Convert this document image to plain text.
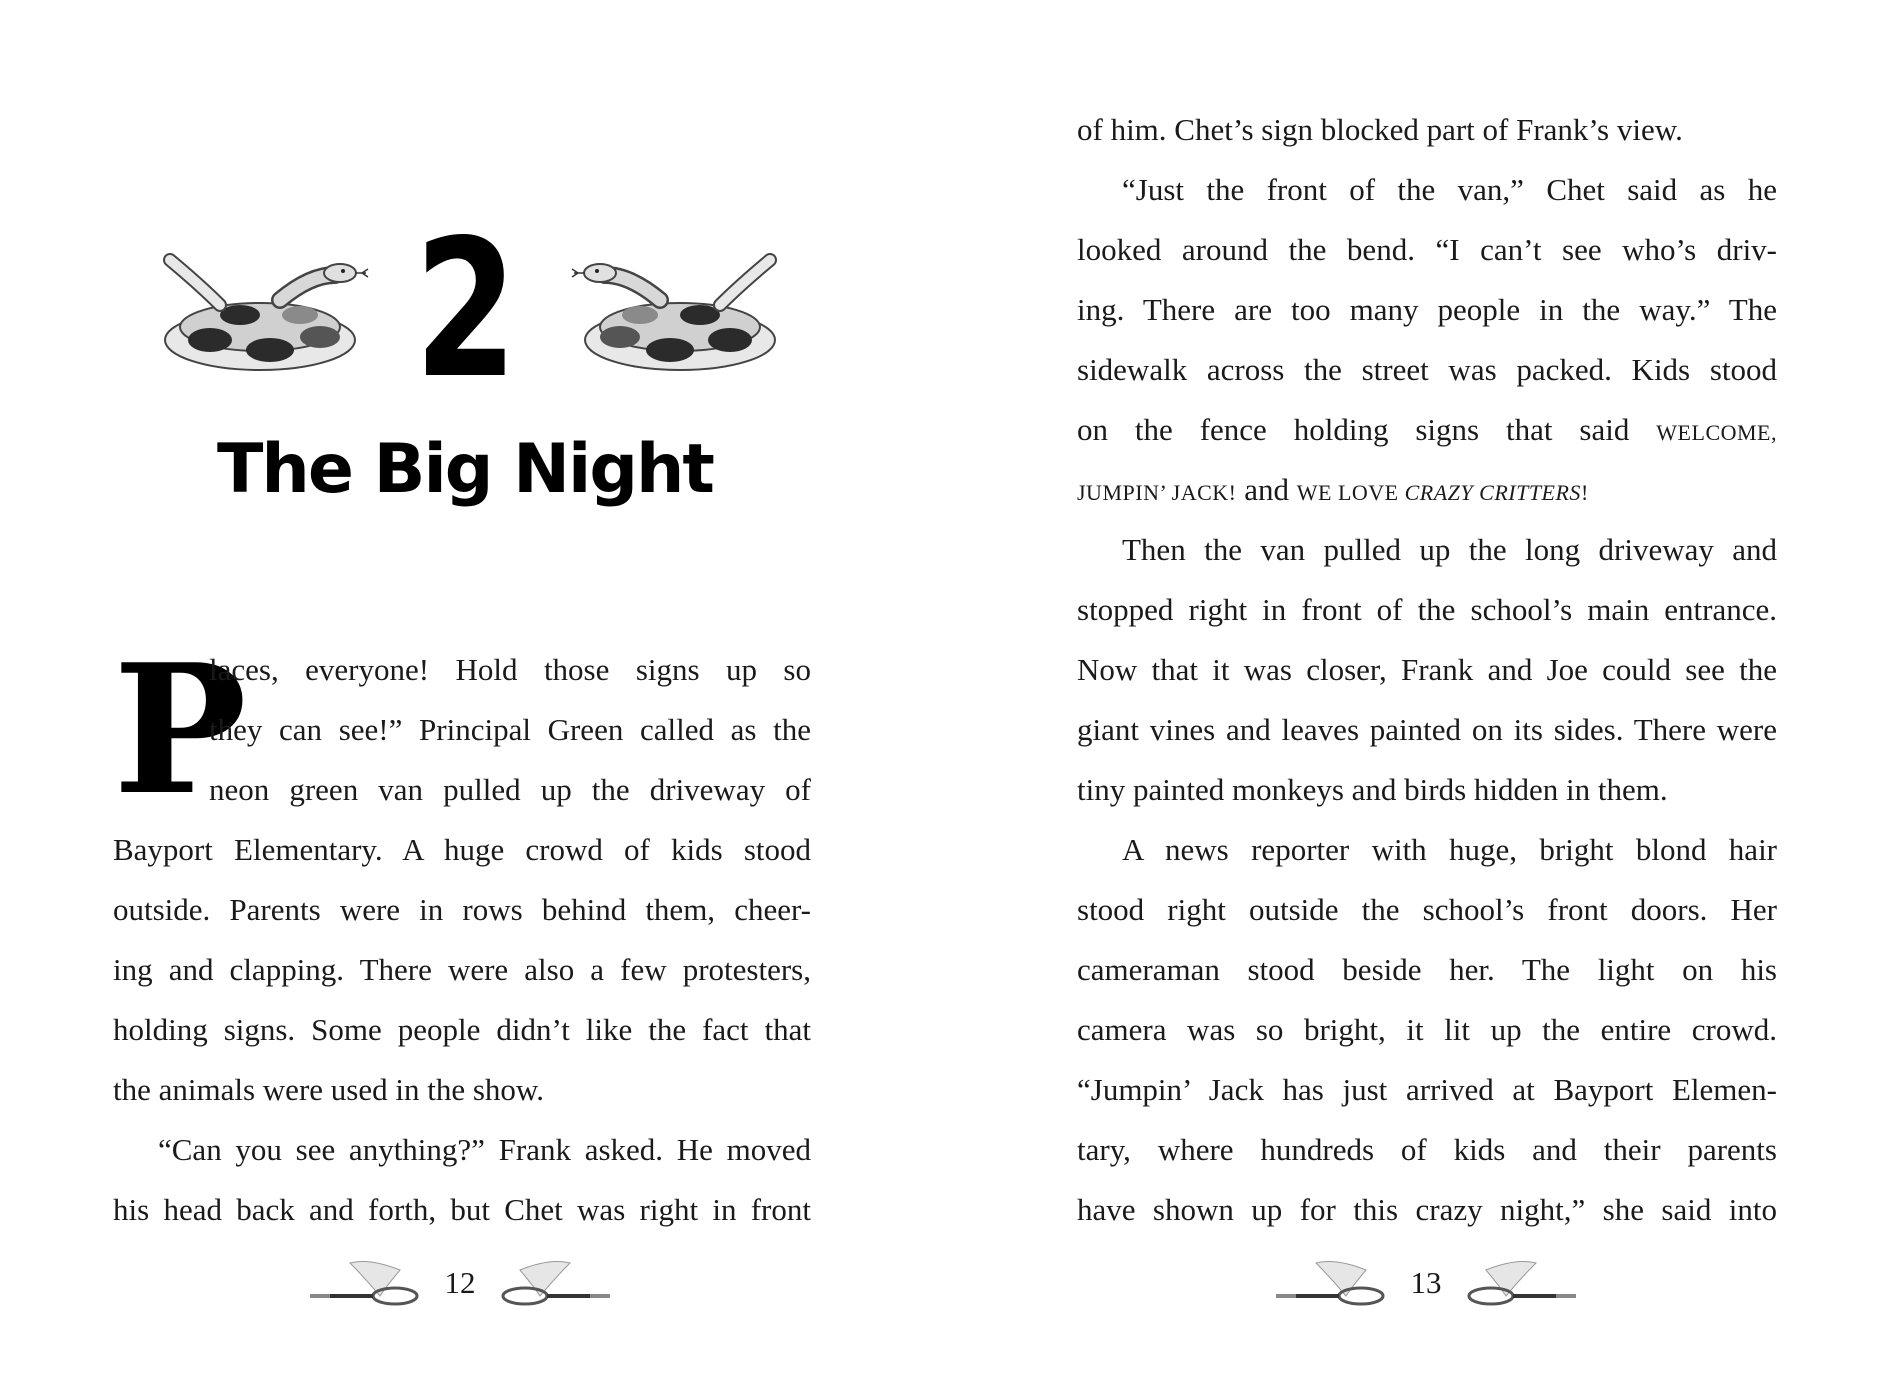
2
The Big Night
P
laces, everyone! Hold those signs up so
they can see!” Principal Green called as the
neon green van pulled up the driveway of
Bayport Elementary. A huge crowd of kids stood
outside. Parents were in rows behind them, cheer-
ing and clapping. There were also a few protesters,
holding signs. Some people didn’t like the fact that
the animals were used in the show.
“Can you see anything?” Frank asked. He moved
his head back and forth, but Chet was right in front
12
of him. Chet’s sign blocked part of Frank’s view.
“Just the front of the van,” Chet said as he
looked around the bend. “I can’t see who’s driv-
ing. There are too many people in the way.” The
sidewalk across the street was packed. Kids stood
on the fence holding signs that said WELCOME,
JUMPIN’ JACK! and WE LOVE CRAZY CRITTERS!
Then the van pulled up the long driveway and
stopped right in front of the school’s main entrance.
Now that it was closer, Frank and Joe could see the
giant vines and leaves painted on its sides. There were
tiny painted monkeys and birds hidden in them.
A news reporter with huge, bright blond hair
stood right outside the school’s front doors. Her
cameraman stood beside her. The light on his
camera was so bright, it lit up the entire crowd.
“Jumpin’ Jack has just arrived at Bayport Elemen-
tary, where hundreds of kids and their parents
have shown up for this crazy night,” she said into
13
